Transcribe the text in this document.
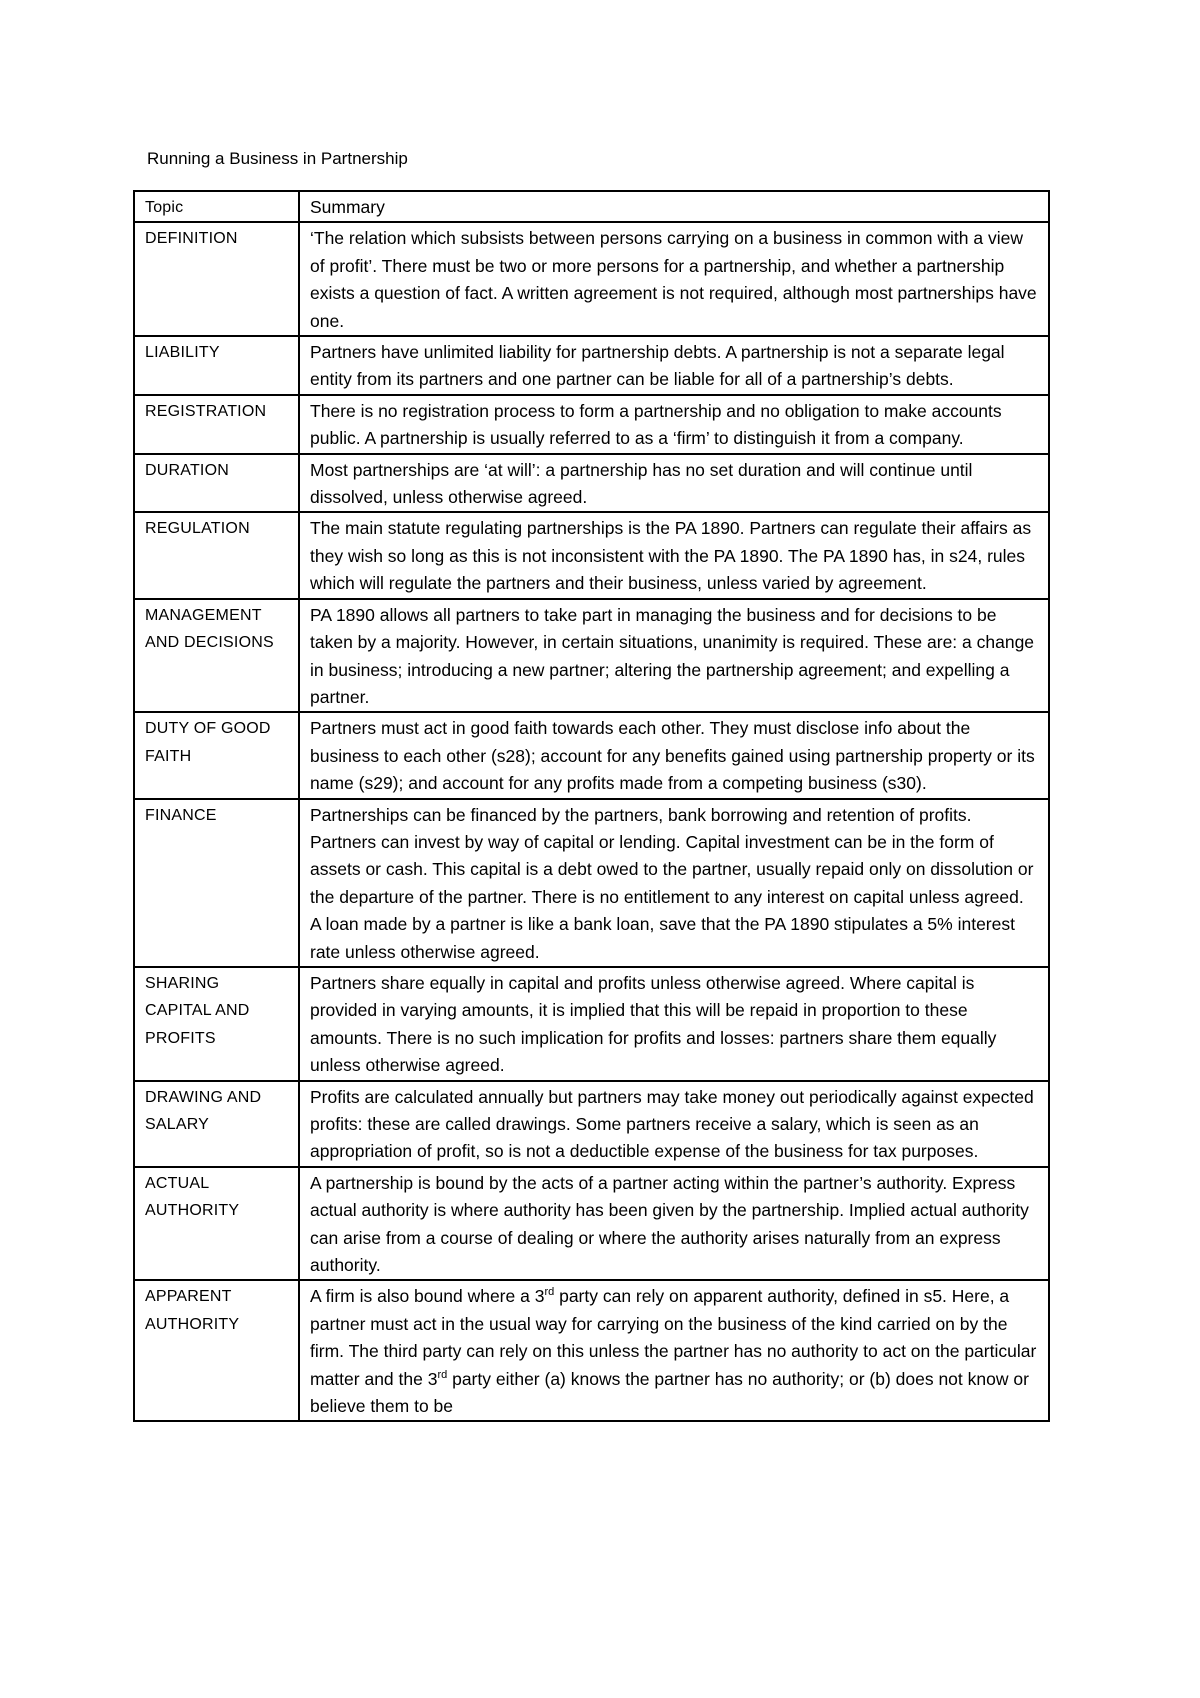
Running a Business in Partnership
Topic	Summary
DEFINITION	‘The relation which subsists between persons carrying on a business in common with a view of profit’. There must be two or more persons for a partnership, and whether a partnership exists a question of fact. A written agreement is not required, although most partnerships have one.
LIABILITY	Partners have unlimited liability for partnership debts. A partnership is not a separate legal entity from its partners and one partner can be liable for all of a partnership’s debts.
REGISTRATION	There is no registration process to form a partnership and no obligation to make accounts public. A partnership is usually referred to as a ‘firm’ to distinguish it from a company.
DURATION	Most partnerships are ‘at will’: a partnership has no set duration and will continue until dissolved, unless otherwise agreed.
REGULATION	The main statute regulating partnerships is the PA 1890. Partners can regulate their affairs as they wish so long as this is not inconsistent with the PA 1890. The PA 1890 has, in s24, rules which will regulate the partners and their business, unless varied by agreement.
MANAGEMENT AND DECISIONS	PA 1890 allows all partners to take part in managing the business and for decisions to be taken by a majority. However, in certain situations, unanimity is required. These are: a change in business; introducing a new partner; altering the partnership agreement; and expelling a partner.
DUTY OF GOOD FAITH	Partners must act in good faith towards each other. They must disclose info about the business to each other (s28); account for any benefits gained using partnership property or its name (s29); and account for any profits made from a competing business (s30).
FINANCE	Partnerships can be financed by the partners, bank borrowing and retention of profits. Partners can invest by way of capital or lending. Capital investment can be in the form of assets or cash. This capital is a debt owed to the partner, usually repaid only on dissolution or the departure of the partner. There is no entitlement to any interest on capital unless agreed. A loan made by a partner is like a bank loan, save that the PA 1890 stipulates a 5% interest rate unless otherwise agreed.
SHARING CAPITAL AND PROFITS	Partners share equally in capital and profits unless otherwise agreed. Where capital is provided in varying amounts, it is implied that this will be repaid in proportion to these amounts. There is no such implication for profits and losses: partners share them equally unless otherwise agreed.
DRAWING AND SALARY	Profits are calculated annually but partners may take money out periodically against expected profits: these are called drawings. Some partners receive a salary, which is seen as an appropriation of profit, so is not a deductible expense of the business for tax purposes.
ACTUAL AUTHORITY	A partnership is bound by the acts of a partner acting within the partner’s authority. Express actual authority is where authority has been given by the partnership. Implied actual authority can arise from a course of dealing or where the authority arises naturally from an express authority.
APPARENT AUTHORITY	A firm is also bound where a 3rd party can rely on apparent authority, defined in s5. Here, a partner must act in the usual way for carrying on the business of the kind carried on by the firm. The third party can rely on this unless the partner has no authority to act on the particular matter and the 3rd party either (a) knows the partner has no authority; or (b) does not know or believe them to be
